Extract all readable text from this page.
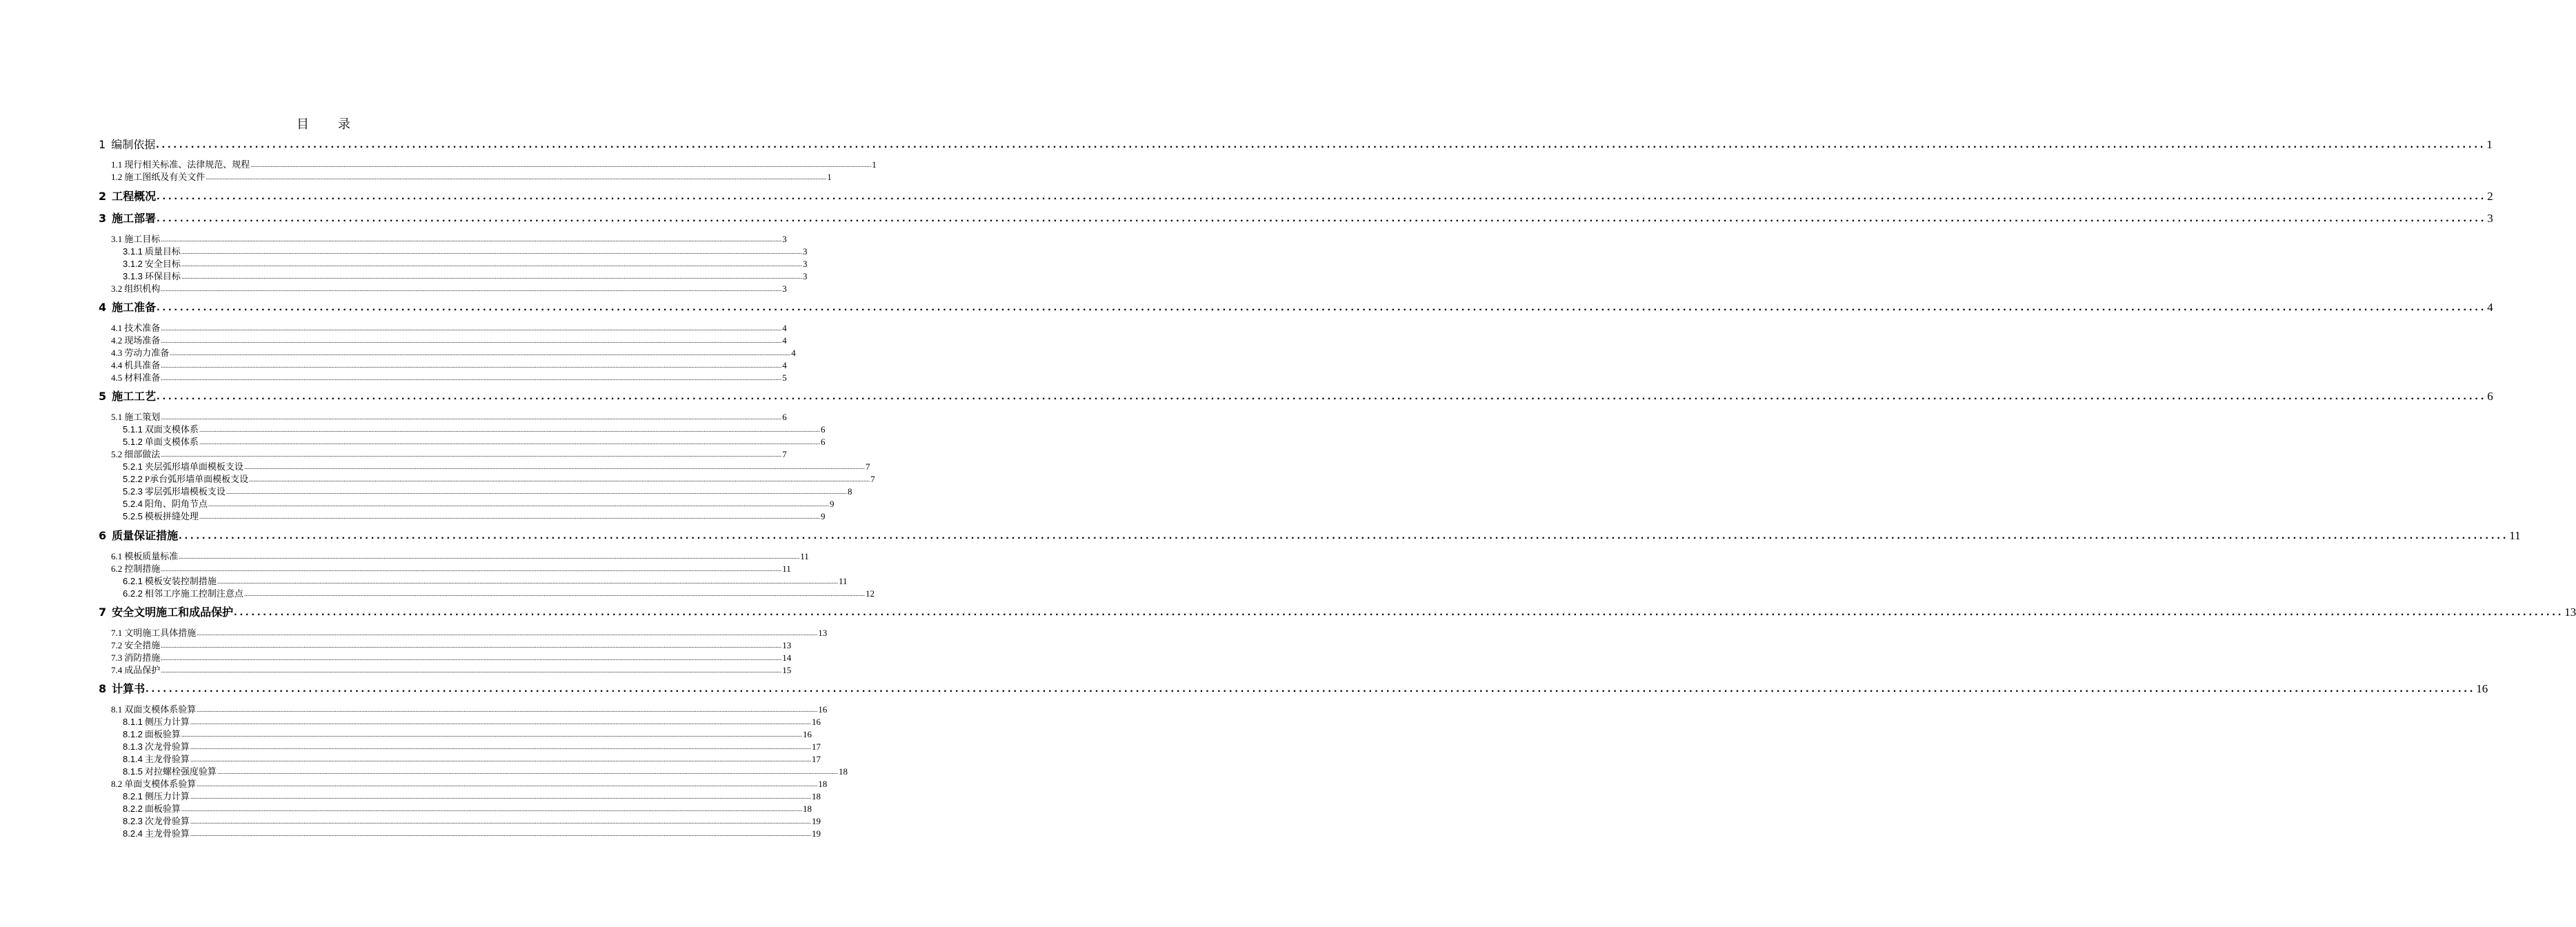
目　录
1 编制依据 ................................................................................................................................................................................................................................................................................................................................................................................................................ 1
1.1 现行相关标准、法律规范、规程 ................................................................................................................................................................................................................................................................................................................................................................................................................ 1
1.2 施工图纸及有关文件 ................................................................................................................................................................................................................................................................................................................................................................................................................ 1
2 工程概况 ................................................................................................................................................................................................................................................................................................................................................................................................................ 2
3 施工部署 ................................................................................................................................................................................................................................................................................................................................................................................................................ 3
3.1 施工目标 ................................................................................................................................................................................................................................................................................................................................................................................................................ 3
3.1.1 质量目标 ................................................................................................................................................................................................................................................................................................................................................................................................................ 3
3.1.2 安全目标 ................................................................................................................................................................................................................................................................................................................................................................................................................ 3
3.1.3 环保目标 ................................................................................................................................................................................................................................................................................................................................................................................................................ 3
3.2 组织机构 ................................................................................................................................................................................................................................................................................................................................................................................................................ 3
4 施工准备 ................................................................................................................................................................................................................................................................................................................................................................................................................ 4
4.1 技术准备 ................................................................................................................................................................................................................................................................................................................................................................................................................ 4
4.2 现场准备 ................................................................................................................................................................................................................................................................................................................................................................................................................ 4
4.3 劳动力准备 ................................................................................................................................................................................................................................................................................................................................................................................................................ 4
4.4 机具准备 ................................................................................................................................................................................................................................................................................................................................................................................................................ 4
4.5 材料准备 ................................................................................................................................................................................................................................................................................................................................................................................................................ 5
5 施工工艺 ................................................................................................................................................................................................................................................................................................................................................................................................................ 6
5.1 施工策划 ................................................................................................................................................................................................................................................................................................................................................................................................................ 6
5.1.1 双面支模体系 ................................................................................................................................................................................................................................................................................................................................................................................................................ 6
5.1.2 单面支模体系 ................................................................................................................................................................................................................................................................................................................................................................................................................ 6
5.2 细部做法 ................................................................................................................................................................................................................................................................................................................................................................................................................ 7
5.2.1 夹层弧形墙单面模板支设 ................................................................................................................................................................................................................................................................................................................................................................................................................ 7
5.2.2 P承台弧形墙单面模板支设 ................................................................................................................................................................................................................................................................................................................................................................................................................ 7
5.2.3 零层弧形墙模板支设 ................................................................................................................................................................................................................................................................................................................................................................................................................ 8
5.2.4 阳角、阴角节点 ................................................................................................................................................................................................................................................................................................................................................................................................................ 9
5.2.5 模板拼缝处理 ................................................................................................................................................................................................................................................................................................................................................................................................................ 9
6 质量保证措施 ................................................................................................................................................................................................................................................................................................................................................................................................................ 11
6.1 模板质量标准 ................................................................................................................................................................................................................................................................................................................................................................................................................ 11
6.2 控制措施 ................................................................................................................................................................................................................................................................................................................................................................................................................ 11
6.2.1 模板安装控制措施 ................................................................................................................................................................................................................................................................................................................................................................................................................ 11
6.2.2 相邻工序施工控制注意点 ................................................................................................................................................................................................................................................................................................................................................................................................................ 12
7 安全文明施工和成品保护 ................................................................................................................................................................................................................................................................................................................................................................................................................ 13
7.1 文明施工具体措施 ................................................................................................................................................................................................................................................................................................................................................................................................................ 13
7.2 安全措施 ................................................................................................................................................................................................................................................................................................................................................................................................................ 13
7.3 消防措施 ................................................................................................................................................................................................................................................................................................................................................................................................................ 14
7.4 成品保护 ................................................................................................................................................................................................................................................................................................................................................................................................................ 15
8 计算书 ................................................................................................................................................................................................................................................................................................................................................................................................................ 16
8.1 双面支模体系验算 ................................................................................................................................................................................................................................................................................................................................................................................................................ 16
8.1.1 侧压力计算 ................................................................................................................................................................................................................................................................................................................................................................................................................ 16
8.1.2 面板验算 ................................................................................................................................................................................................................................................................................................................................................................................................................ 16
8.1.3 次龙骨验算 ................................................................................................................................................................................................................................................................................................................................................................................................................ 17
8.1.4 主龙骨验算 ................................................................................................................................................................................................................................................................................................................................................................................................................ 17
8.1.5 对拉螺栓强度验算 ................................................................................................................................................................................................................................................................................................................................................................................................................ 18
8.2 单面支模体系验算 ................................................................................................................................................................................................................................................................................................................................................................................................................ 18
8.2.1 侧压力计算 ................................................................................................................................................................................................................................................................................................................................................................................................................ 18
8.2.2 面板验算 ................................................................................................................................................................................................................................................................................................................................................................................................................ 18
8.2.3 次龙骨验算 ................................................................................................................................................................................................................................................................................................................................................................................................................ 19
8.2.4 主龙骨验算 ................................................................................................................................................................................................................................................................................................................................................................................................................ 19
